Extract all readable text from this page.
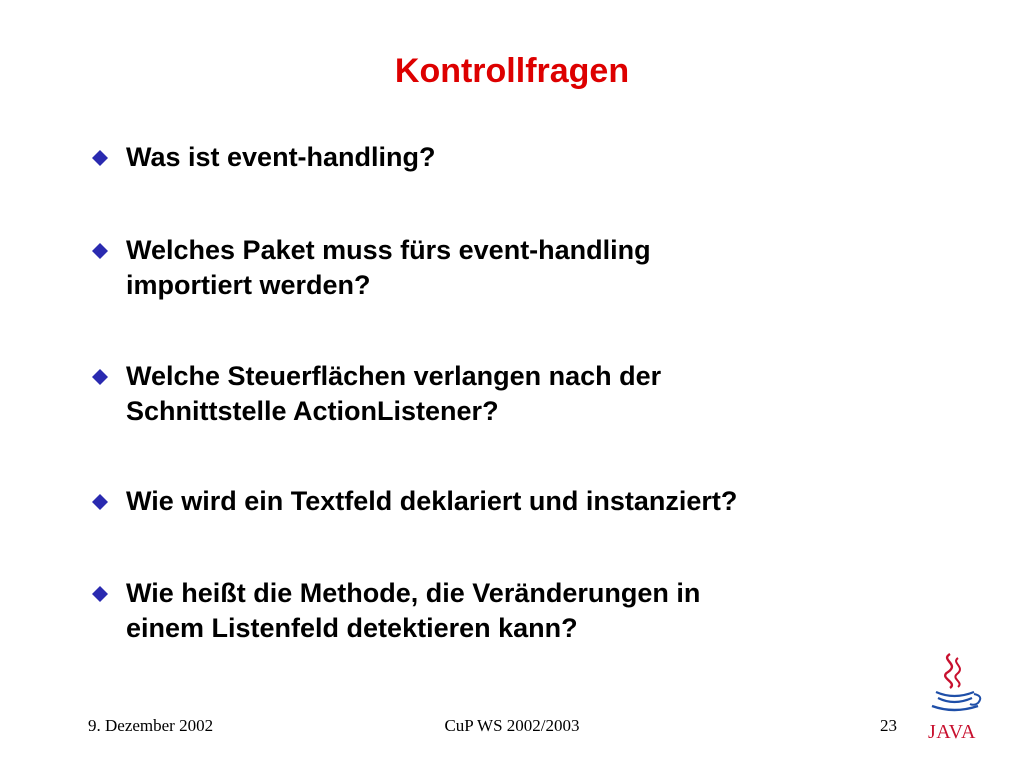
Kontrollfragen
Was ist event-handling?
Welches Paket muss fürs event-handling
importiert werden?
Welche Steuerflächen verlangen nach der
Schnittstelle ActionListener?
Wie wird ein Textfeld deklariert und instanziert?
Wie heißt die Methode, die Veränderungen in
einem Listenfeld detektieren kann?
9. Dezember 2002	CuP WS 2002/2003	23 JAVA
